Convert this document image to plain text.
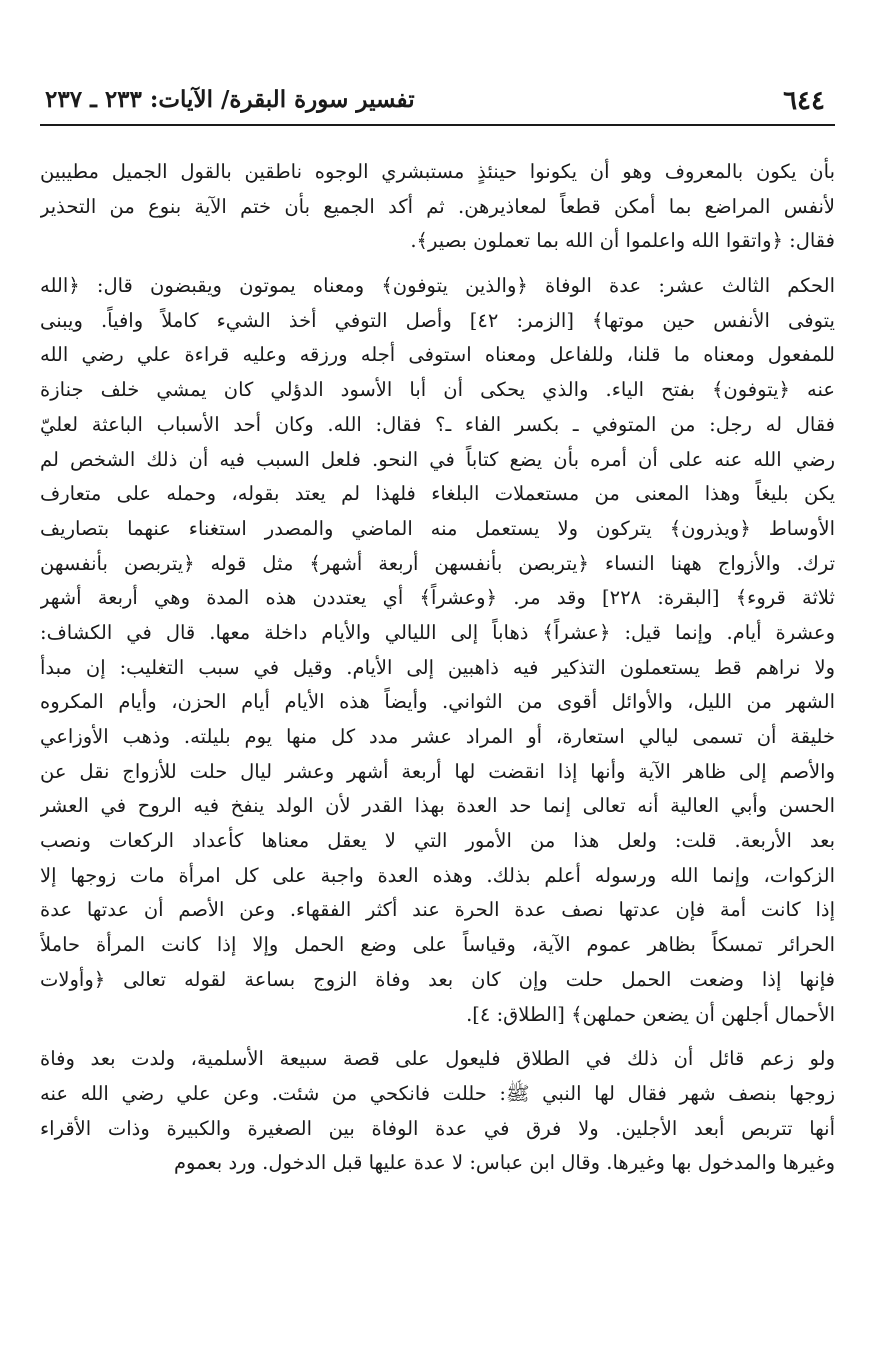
٦٤٤
تفسير سورة البقرة/ الآيات: ٢٣٣ ـ ٢٣٧
بأن يكون بالمعروف وهو أن يكونوا حينئذٍ مستبشري الوجوه ناطقين بالقول الجميل مطيبين
لأنفس المراضع بما أمكن قطعاً لمعاذيرهن. ثم أكد الجميع بأن ختم الآية بنوع من التحذير
فقال: ﴿واتقوا الله واعلموا أن الله بما تعملون بصير﴾.
الحكم الثالث عشر: عدة الوفاة ﴿والذين يتوفون﴾ ومعناه يموتون ويقبضون قال: ﴿الله
يتوفى الأنفس حين موتها﴾ [الزمر: ٤٢] وأصل التوفي أخذ الشيء كاملاً وافياً. ويبنى
للمفعول ومعناه ما قلنا، وللفاعل ومعناه استوفى أجله ورزقه وعليه قراءة علي رضي الله
عنه ﴿يتوفون﴾ بفتح الياء. والذي يحكى أن أبا الأسود الدؤلي كان يمشي خلف جنازة
فقال له رجل: من المتوفي ـ بكسر الفاء ـ؟ فقال: الله. وكان أحد الأسباب الباعثة لعليّ
رضي الله عنه على أن أمره بأن يضع كتاباً في النحو. فلعل السبب فيه أن ذلك الشخص لم
يكن بليغاً وهذا المعنى من مستعملات البلغاء فلهذا لم يعتد بقوله، وحمله على متعارف
الأوساط ﴿ويذرون﴾ يتركون ولا يستعمل منه الماضي والمصدر استغناء عنهما بتصاريف
ترك. والأزواج ههنا النساء ﴿يتربصن بأنفسهن أربعة أشهر﴾ مثل قوله ﴿يتربصن بأنفسهن
ثلاثة قروء﴾ [البقرة: ٢٢٨] وقد مر. ﴿وعشراً﴾ أي يعتددن هذه المدة وهي أربعة أشهر
وعشرة أيام. وإنما قيل: ﴿عشراً﴾ ذهاباً إلى الليالي والأيام داخلة معها. قال في الكشاف:
ولا نراهم قط يستعملون التذكير فيه ذاهبين إلى الأيام. وقيل في سبب التغليب: إن مبدأ
الشهر من الليل، والأوائل أقوى من الثواني. وأيضاً هذه الأيام أيام الحزن، وأيام المكروه
خليقة أن تسمى ليالي استعارة، أو المراد عشر مدد كل منها يوم بليلته. وذهب الأوزاعي
والأصم إلى ظاهر الآية وأنها إذا انقضت لها أربعة أشهر وعشر ليال حلت للأزواج نقل عن
الحسن وأبي العالية أنه تعالى إنما حد العدة بهذا القدر لأن الولد ينفخ فيه الروح في العشر
بعد الأربعة. قلت: ولعل هذا من الأمور التي لا يعقل معناها كأعداد الركعات ونصب
الزكوات، وإنما الله ورسوله أعلم بذلك. وهذه العدة واجبة على كل امرأة مات زوجها إلا
إذا كانت أمة فإن عدتها نصف عدة الحرة عند أكثر الفقهاء. وعن الأصم أن عدتها عدة
الحرائر تمسكاً بظاهر عموم الآية، وقياساً على وضع الحمل وإلا إذا كانت المرأة حاملاً
فإنها إذا وضعت الحمل حلت وإن كان بعد وفاة الزوج بساعة لقوله تعالى ﴿وأولات
الأحمال أجلهن أن يضعن حملهن﴾ [الطلاق: ٤].
ولو زعم قائل أن ذلك في الطلاق فليعول على قصة سبيعة الأسلمية، ولدت بعد وفاة
زوجها بنصف شهر فقال لها النبي ﷺ: حللت فانكحي من شئت. وعن علي رضي الله عنه
أنها تتربص أبعد الأجلين. ولا فرق في عدة الوفاة بين الصغيرة والكبيرة وذات الأقراء
وغيرها والمدخول بها وغيرها. وقال ابن عباس: لا عدة عليها قبل الدخول. ورد بعموم
